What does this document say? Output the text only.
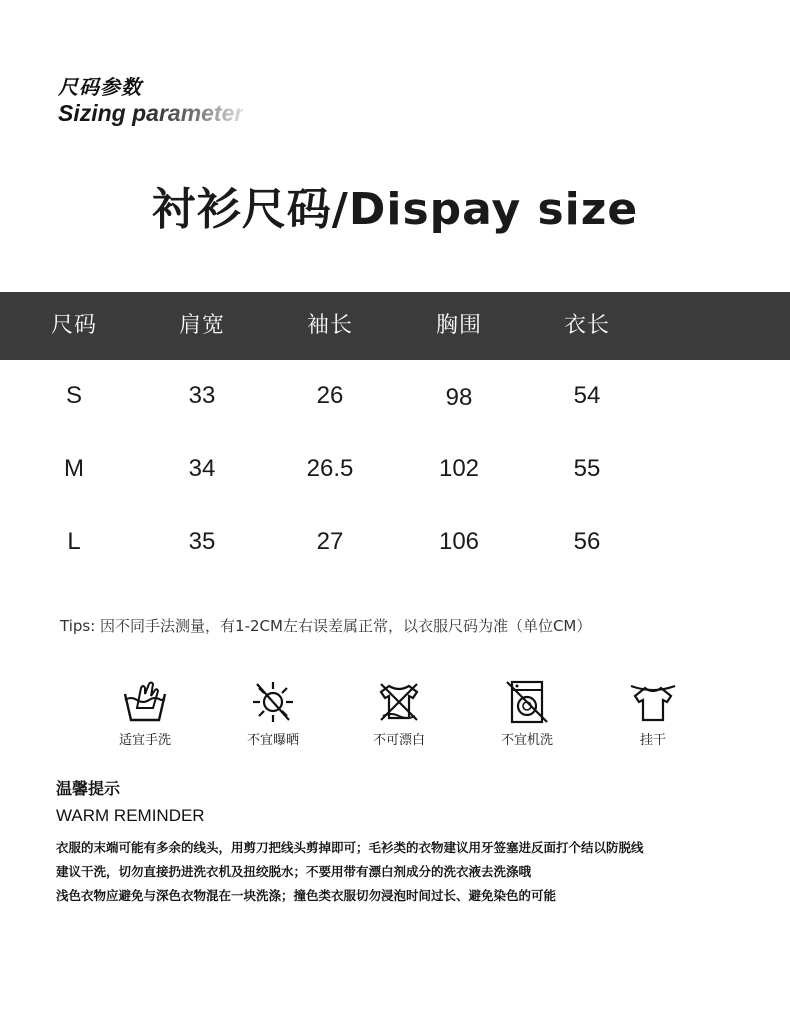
尺码参数
Sizing parameter
衬衫尺码/Dispay size
尺码	肩宽	袖长	胸围	衣长
S	33	26	98	54
M	34	26.5	102	55
L	35	27	106	56
Tips: 因不同手法测量，有1-2CM左右误差属正常，以衣服尺码为准（单位CM）
适宜手洗	不宜曝晒	不可漂白	不宜机洗	挂干
温馨提示
WARM REMINDER
衣服的末端可能有多余的线头，用剪刀把线头剪掉即可；毛衫类的衣物建议用牙签塞进反面打个结以防脱线
建议干洗，切勿直接扔进洗衣机及扭绞脱水；不要用带有漂白剂成分的洗衣液去洗涤哦
浅色衣物应避免与深色衣物混在一块洗涤；撞色类衣服切勿浸泡时间过长、避免染色的可能
